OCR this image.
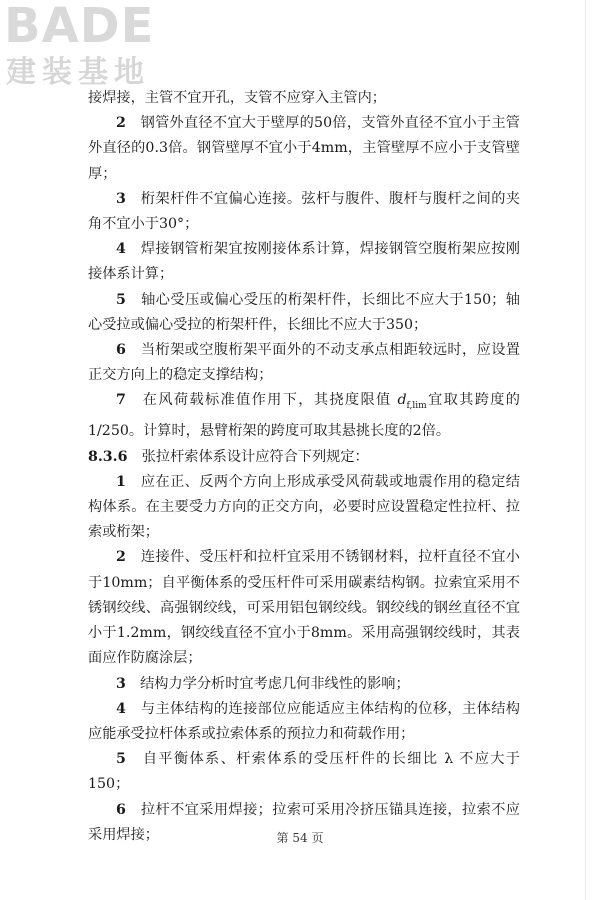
BADE
建装基地

接焊接，主管不宜开孔，支管不应穿入主管内；

2　 钢管外直径不宜大于壁厚的50倍，支管外直径不宜小于主管外直径的0.3倍。钢管壁厚不宜小于4mm，主管壁厚不应小于支管壁厚；

3　 桁架杆件不宜偏心连接。弦杆与腹件、腹杆与腹杆之间的夹角不宜小于30°；

4　 焊接钢管桁架宜按刚接体系计算，焊接钢管空腹桁架应按刚接体系计算；

5　 轴心受压或偏心受压的桁架杆件，长细比不应大于150；轴心受拉或偏心受拉的桁架杆件，长细比不应大于350；

6　 当桁架或空腹桁架平面外的不动支承点相距较远时，应设置正交方向上的稳定支撑结构；

7　 在风荷载标准值作用下，其挠度限值 $d_{f,lim}$宜取其跨度的1/250。计算时，悬臂桁架的跨度可取其悬挑长度的2倍。

8.3.6　 张拉杆索体系设计应符合下列规定：

1　 应在正、反两个方向上形成承受风荷载或地震作用的稳定结构体系。在主要受力方向的正交方向，必要时应设置稳定性拉杆、拉索或桁架；

2　 连接件、受压杆和拉杆宜采用不锈钢材料，拉杆直径不宜小于10mm；自平衡体系的受压杆件可采用碳素结构钢。拉索宜采用不锈钢绞线、高强钢绞线，可采用铝包钢绞线。钢绞线的钢丝直径不宜小于1.2mm，钢绞线直径不宜小于8mm。采用高强钢绞线时，其表面应作防腐涂层；

3　 结构力学分析时宜考虑几何非线性的影响；

4　 与主体结构的连接部位应能适应主体结构的位移，主体结构应能承受拉杆体系或拉索体系的预拉力和荷载作用；

5　 自平衡体系、杆索体系的受压杆件的长细比 λ 不应大于150；

6　 拉杆不宜采用焊接；拉索可采用冷挤压锚具连接，拉索不应采用焊接；	第 54 页
